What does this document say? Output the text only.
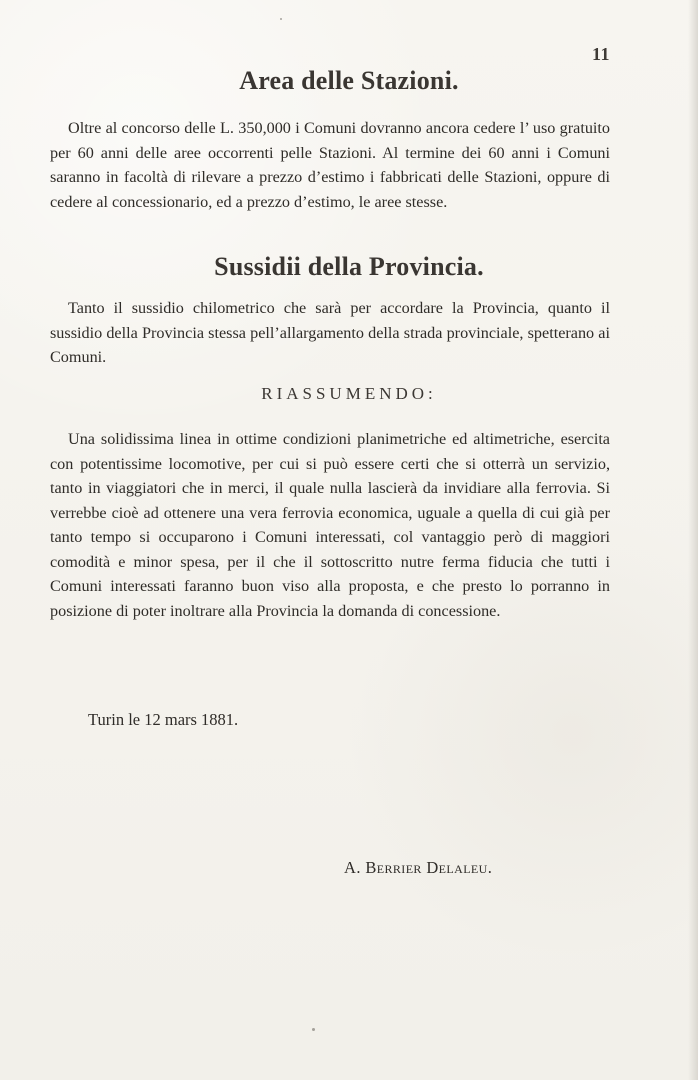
11
Area delle Stazioni.
Oltre al concorso delle L. 350,000 i Comuni dovranno ancora cedere l’ uso gratuito per 60 anni delle aree occorrenti pelle Stazioni. Al termine dei 60 anni i Comuni saranno in facoltà di rilevare a prezzo d’estimo i fabbricati delle Stazioni, oppure di cedere al concessionario, ed a prezzo d’estimo, le aree stesse.
Sussidii della Provincia.
Tanto il sussidio chilometrico che sarà per accordare la Provincia, quanto il sussidio della Provincia stessa pell’allargamento della strada provinciale, spetterano ai Comuni.
RIASSUMENDO:
Una solidissima linea in ottime condizioni planimetriche ed altimetriche, esercita con potentissime locomotive, per cui si può essere certi che si otterrà un servizio, tanto in viaggiatori che in merci, il quale nulla lascierà da invidiare alla ferrovia. Si verrebbe cioè ad ottenere una vera ferrovia economica, uguale a quella di cui già per tanto tempo si occuparono i Comuni interessati, col vantaggio però di maggiori comodità e minor spesa, per il che il sottoscritto nutre ferma fiducia che tutti i Comuni interessati faranno buon viso alla proposta, e che presto lo porranno in posizione di poter inoltrare alla Provincia la domanda di concessione.
Turin le 12 mars 1881.
A. Berrier Delaleu.
